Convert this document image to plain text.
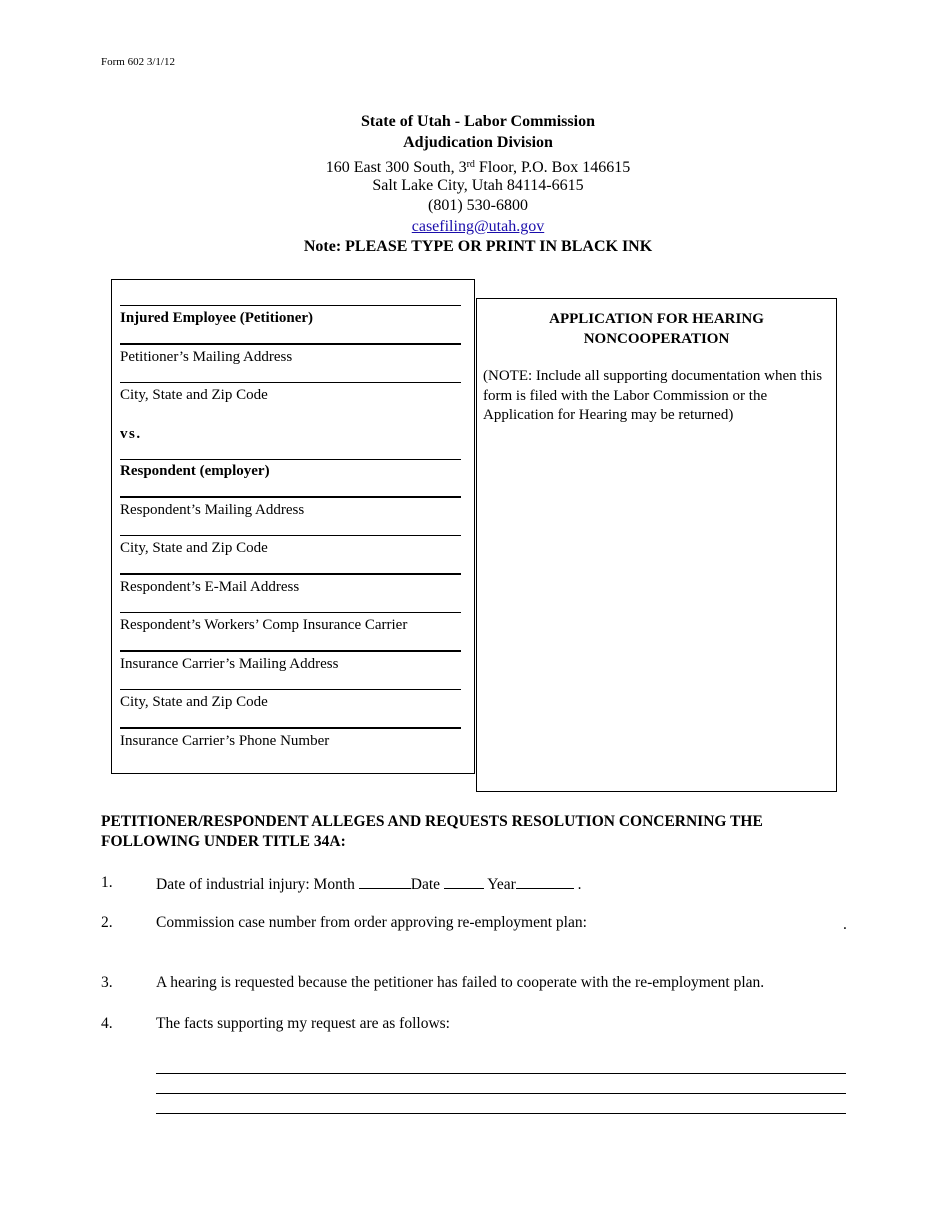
Form 602 3/1/12
State of Utah - Labor Commission
Adjudication Division
160 East 300 South, 3rd Floor, P.O. Box 146615
Salt Lake City, Utah 84114-6615
(801) 530-6800
casefiling@utah.gov
Note: PLEASE TYPE OR PRINT IN BLACK INK
Injured Employee (Petitioner)
Petitioner’s Mailing Address
City, State and Zip Code
vs.
Respondent (employer)
Respondent’s Mailing Address
City, State and Zip Code
Respondent’s E-Mail Address
Respondent’s Workers’ Comp Insurance Carrier
Insurance Carrier’s Mailing Address
City, State and Zip Code
Insurance Carrier’s Phone Number
APPLICATION FOR HEARING
NONCOOPERATION
(NOTE: Include all supporting documentation when this form is filed with the Labor Commission or the Application for Hearing may be returned)
PETITIONER/RESPONDENT ALLEGES AND REQUESTS RESOLUTION CONCERNING THE FOLLOWING UNDER TITLE 34A:
1.	Date of industrial injury: Month	Date	Year	.
2.	Commission case number from order approving re-employment plan:	.
3.	A hearing is requested because the petitioner has failed to cooperate with the re-employment plan.
4.	The facts supporting my request are as follows:
